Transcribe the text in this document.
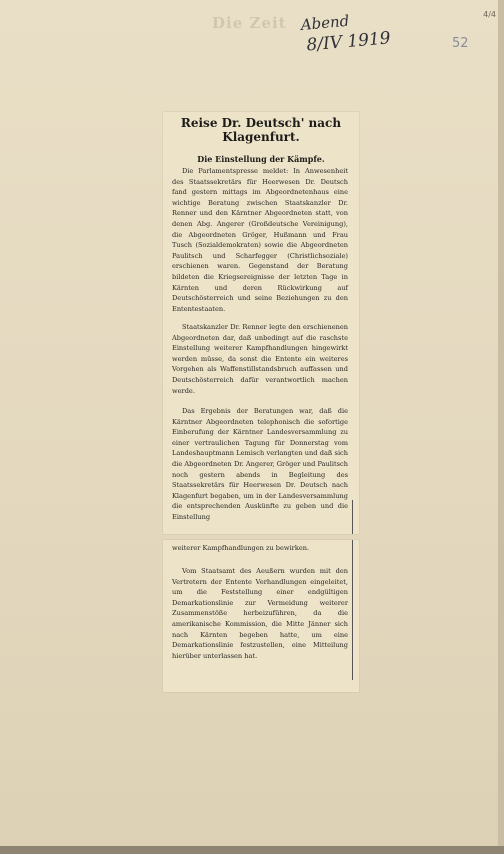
Die Zeit Abend
8/IV 1919	52
4/4
Reise Dr. Deutsch' nach Klagenfurt.
Die Einstellung der Kämpfe.

Die Parlamentspresse meldet: In Anwesenheit des Staatssekretärs für Heerwesen Dr. Deutsch fand gestern mittags im Abgeordnetenhaus eine wichtige Beratung zwischen Staatskanzler Dr. Renner und den Kärntner Abgeordneten statt, von denen Abg. Angerer (Großdeutsche Vereinigung), die Abgeordneten Gröger, Hußmann und Frau Tusch (Sozialdemokraten) sowie die Abgeordneten Paulitsch und Scharfegger (Christlichsoziale) erschienen waren. Gegenstand der Beratung bildeten die Kriegsereignisse der letzten Tage in Kärnten und deren Rückwirkung auf Deutschösterreich und seine Beziehungen zu den Ententestaaten.

Staatskanzler Dr. Renner legte den erschienenen Abgeordneten dar, daß unbedingt auf die raschste Einstellung weiterer Kampfhandlungen hingewirkt werden müsse, da sonst die Entente ein weiteres Vorgehen als Waffenstillstandsbruch auffassen und Deutschösterreich dafür verantwortlich machen werde.

Das Ergebnis der Beratungen war, daß die Kärntner Abgeordneten telephonisch die sofortige Einberufung der Kärntner Landesversammlung zu einer vertraulichen Tagung für Donnerstag vom Landeshauptmann Lemisch verlangten und daß sich die Abgeordneten Dr. Angerer, Gröger und Paulitsch noch gestern abends in Begleitung des Staatssekretärs für Heerwesen Dr. Deutsch nach Klagenfurt begaben, um in der Landesversammlung die entsprechenden Auskünfte zu geben und die Einstellung

weiterer Kampfhandlungen zu bewirken.

Vom Staatsamt des Aeußern wurden mit den Vertretern der Entente Verhandlungen eingeleitet, um die Feststellung einer endgültigen Demarkationslinie zur Vermeidung weiterer Zusammenstöße herbeizuführen, da die amerikanische Kommission, die Mitte Jänner sich nach Kärnten begeben hatte, um eine Demarkationslinie festzustellen, eine Mitteilung hierüber unterlassen hat.
